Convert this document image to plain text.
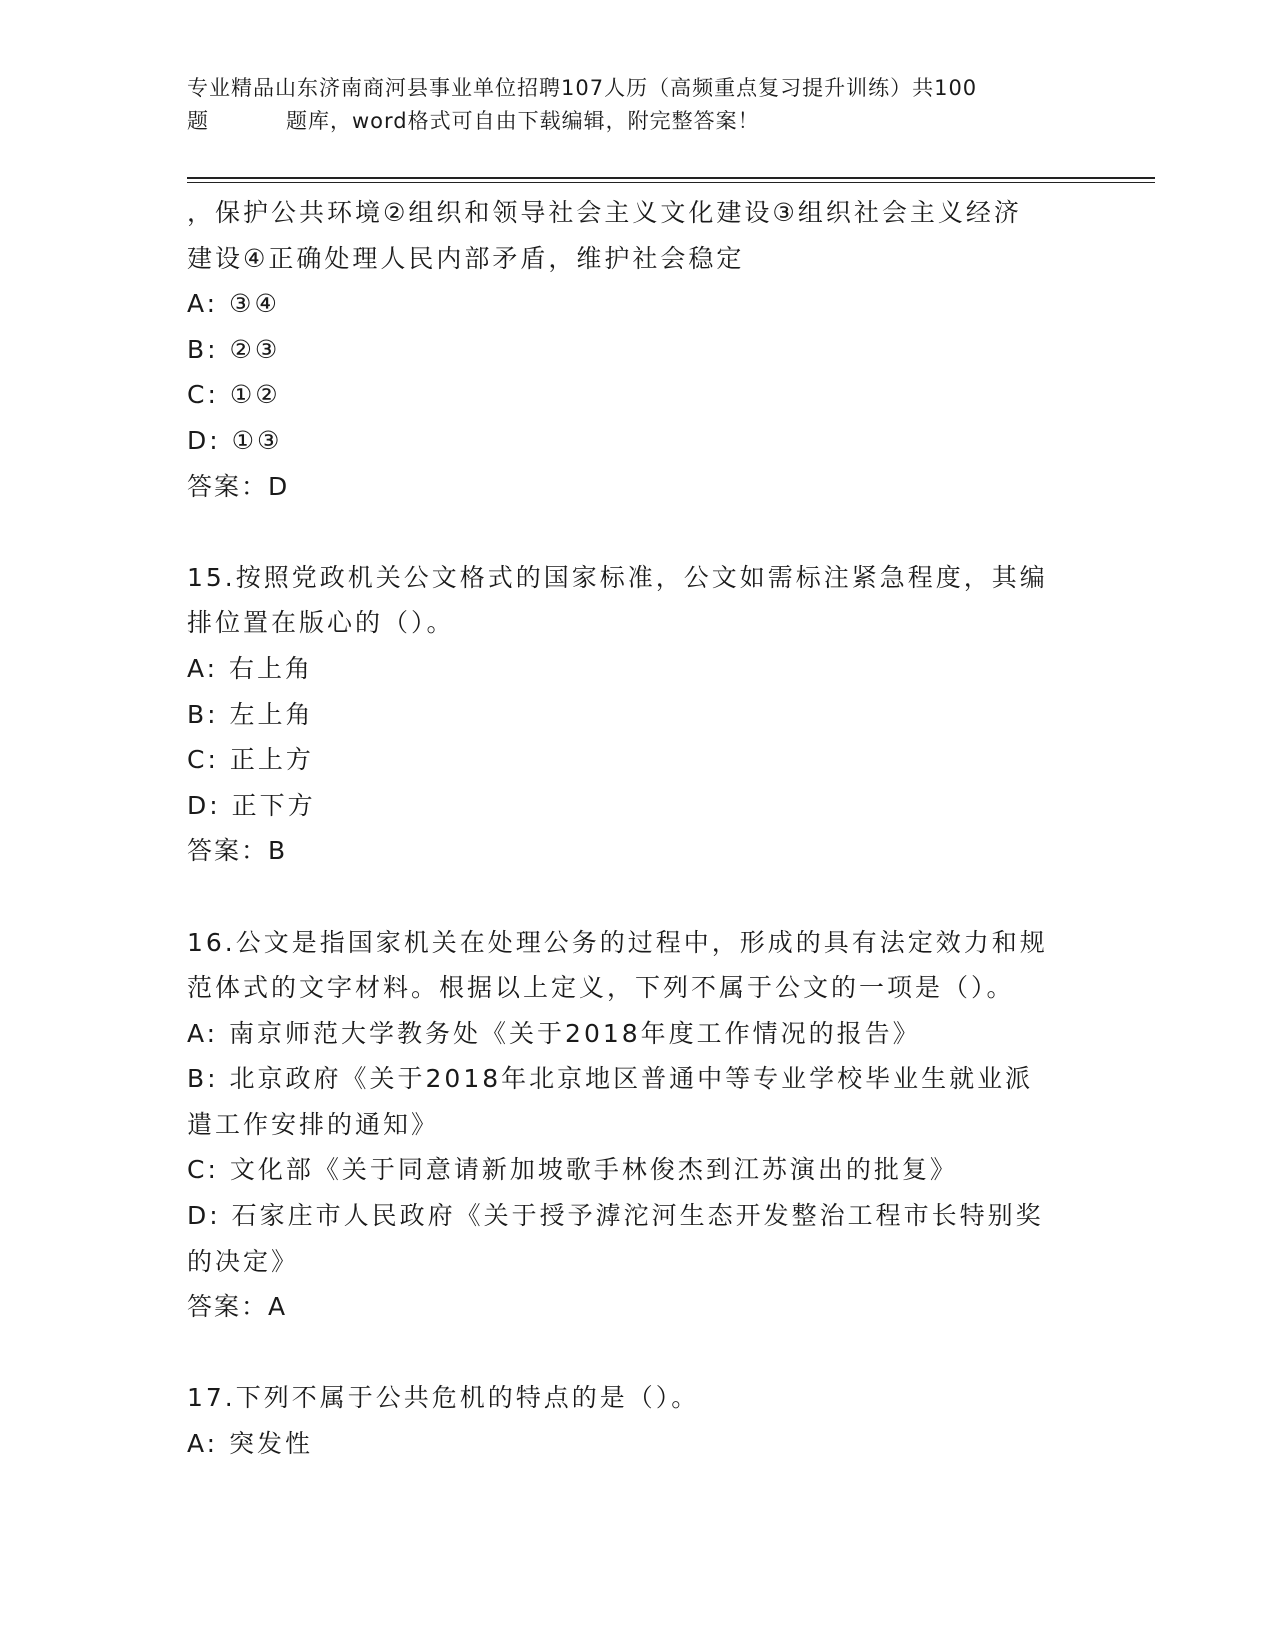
专业精品山东济南商河县事业单位招聘107人历（高频重点复习提升训练）共100
题	题库，word格式可自由下载编辑，附完整答案！
，保护公共环境②组织和领导社会主义文化建设③组织社会主义经济
建设④正确处理人民内部矛盾，维护社会稳定
A: ③④
B: ②③
C: ①②
D: ①③
答案：D
15.按照党政机关公文格式的国家标准，公文如需标注紧急程度，其编
排位置在版心的（）。
A: 右上角
B: 左上角
C: 正上方
D: 正下方
答案：B
16.公文是指国家机关在处理公务的过程中，形成的具有法定效力和规
范体式的文字材料。根据以上定义，下列不属于公文的一项是（）。
A: 南京师范大学教务处《关于2018年度工作情况的报告》
B: 北京政府《关于2018年北京地区普通中等专业学校毕业生就业派
遣工作安排的通知》
C: 文化部《关于同意请新加坡歌手林俊杰到江苏演出的批复》
D: 石家庄市人民政府《关于授予滹沱河生态开发整治工程市长特别奖
的决定》
答案：A
17.下列不属于公共危机的特点的是（）。
A: 突发性
